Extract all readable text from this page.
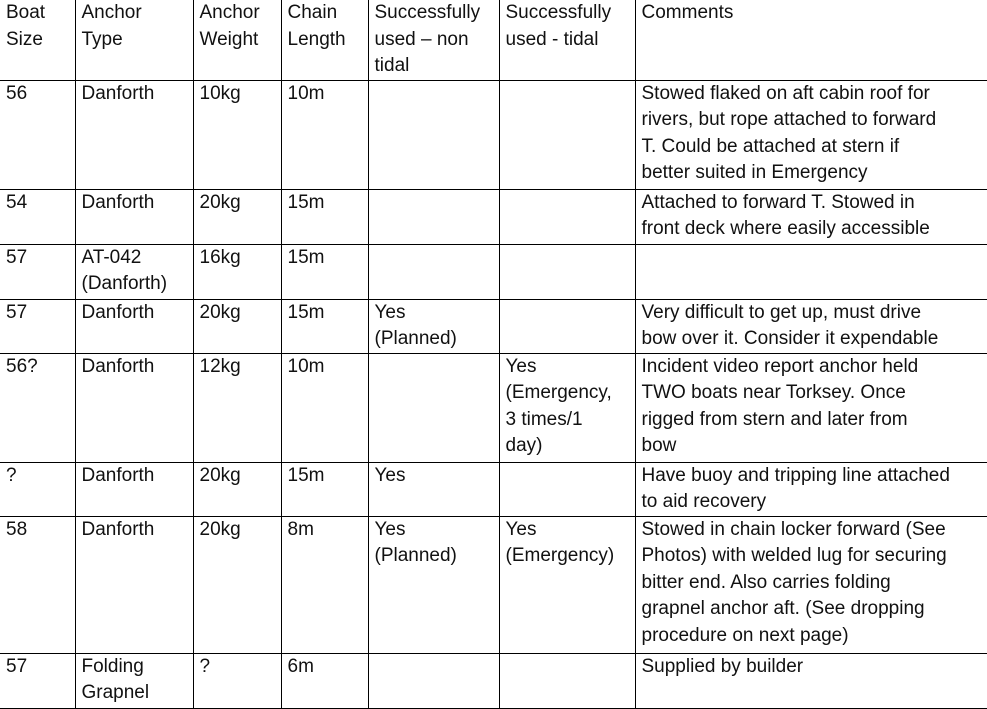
Boat
Size	Anchor
Type	Anchor
Weight	Chain
Length	Successfully
used – non
tidal	Successfully
used - tidal	Comments
56	Danforth	10kg	10m			Stowed flaked on aft cabin roof for
rivers, but rope attached to forward
T. Could be attached at stern if
better suited in Emergency
54	Danforth	20kg	15m			Attached to forward T. Stowed in
front deck where easily accessible
57	AT-042
(Danforth)	16kg	15m			
57	Danforth	20kg	15m	Yes
(Planned)		Very difficult to get up, must drive
bow over it. Consider it expendable
56?	Danforth	12kg	10m		Yes
(Emergency,
3 times/1
day)	Incident video report anchor held
TWO boats near Torksey. Once
rigged from stern and later from
bow
?	Danforth	20kg	15m	Yes		Have buoy and tripping line attached
to aid recovery
58	Danforth	20kg	8m	Yes
(Planned)	Yes
(Emergency)	Stowed in chain locker forward (See
Photos) with welded lug for securing
bitter end. Also carries folding
grapnel anchor aft. (See dropping
procedure on next page)
57	Folding
Grapnel	?	6m			Supplied by builder
